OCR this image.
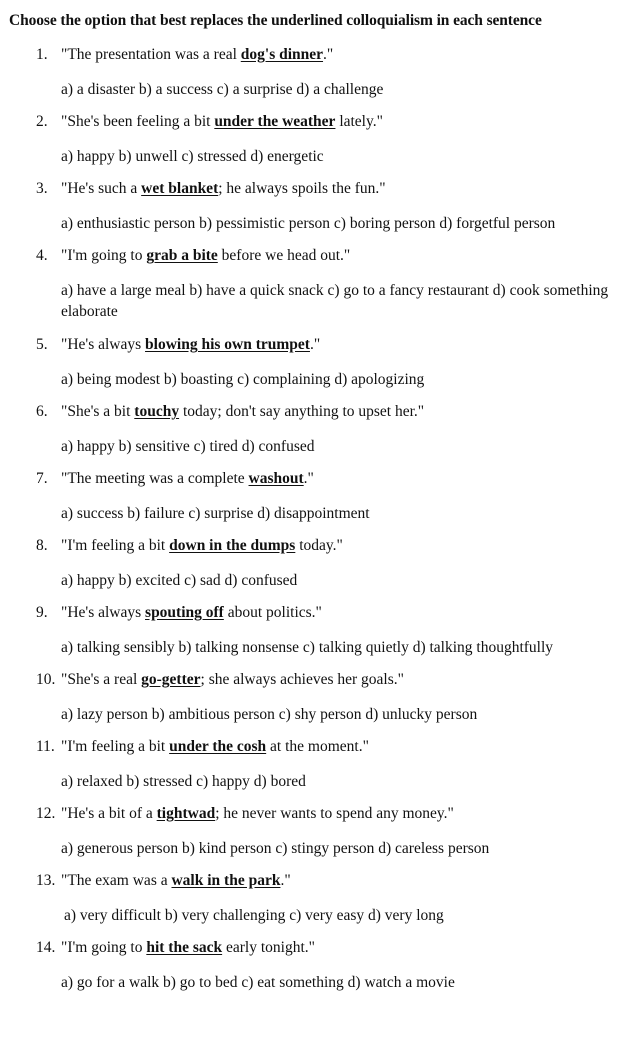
Choose the option that best replaces the underlined colloquialism in each sentence
1. "The presentation was a real dog's dinner."
a) a disaster b) a success c) a surprise d) a challenge
2. "She's been feeling a bit under the weather lately."
a) happy b) unwell c) stressed d) energetic
3. "He's such a wet blanket; he always spoils the fun."
a) enthusiastic person b) pessimistic person c) boring person d) forgetful person
4. "I'm going to grab a bite before we head out."
a) have a large meal b) have a quick snack c) go to a fancy restaurant d) cook something elaborate
5. "He's always blowing his own trumpet."
a) being modest b) boasting c) complaining d) apologizing
6. "She's a bit touchy today; don't say anything to upset her."
a) happy b) sensitive c) tired d) confused
7. "The meeting was a complete washout."
a) success b) failure c) surprise d) disappointment
8. "I'm feeling a bit down in the dumps today."
a) happy b) excited c) sad d) confused
9. "He's always spouting off about politics."
a) talking sensibly b) talking nonsense c) talking quietly d) talking thoughtfully
10. "She's a real go-getter; she always achieves her goals."
a) lazy person b) ambitious person c) shy person d) unlucky person
11. "I'm feeling a bit under the cosh at the moment."
a) relaxed b) stressed c) happy d) bored
12. "He's a bit of a tightwad; he never wants to spend any money."
a) generous person b) kind person c) stingy person d) careless person
13. "The exam was a walk in the park."
a) very difficult b) very challenging c) very easy d) very long
14. "I'm going to hit the sack early tonight."
a) go for a walk b) go to bed c) eat something d) watch a movie
